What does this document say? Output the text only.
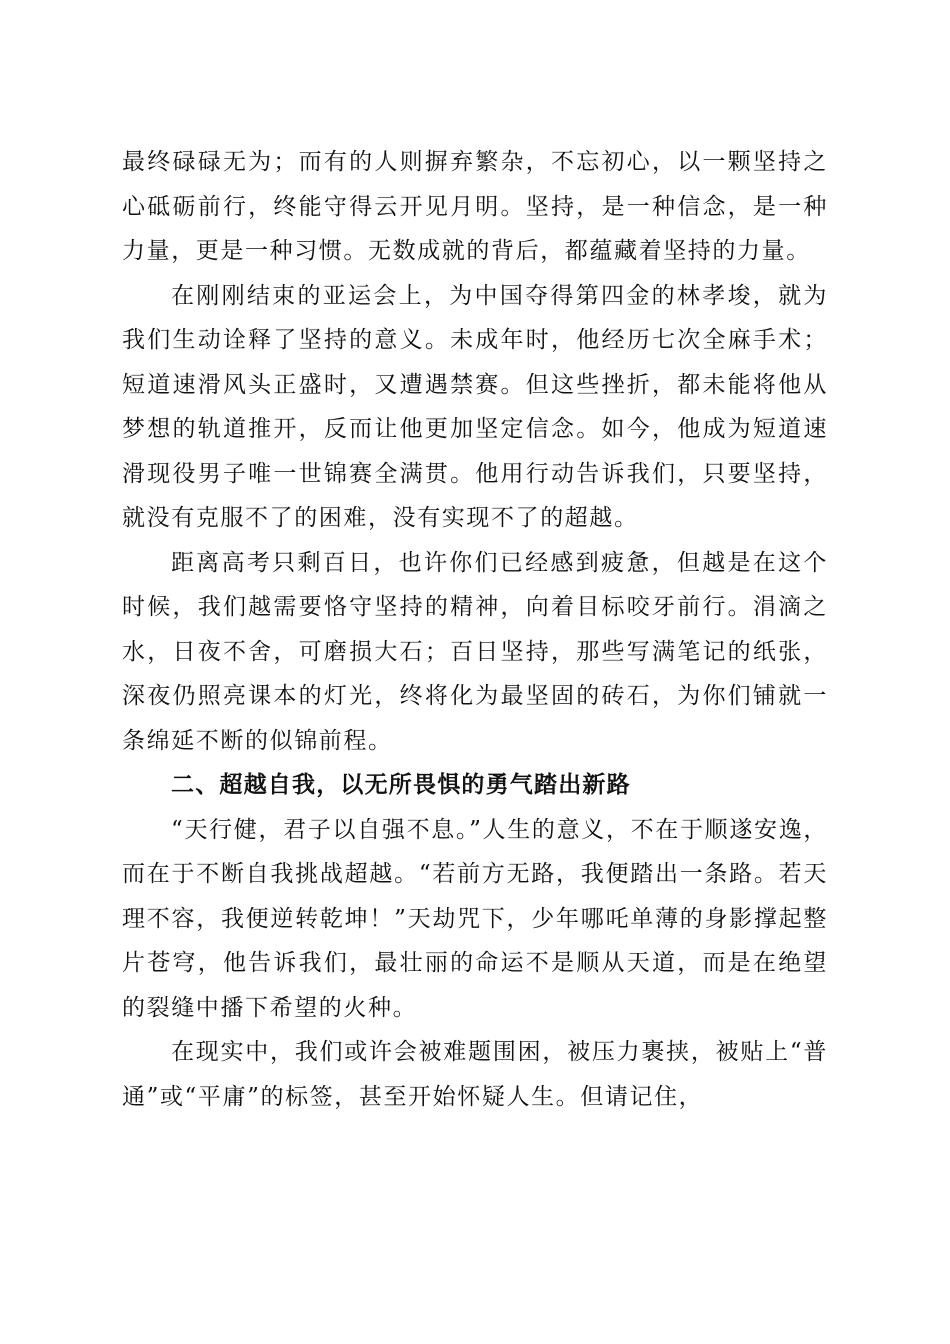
最终碌碌无为；而有的人则摒弃繁杂，不忘初心，以一颗坚持之心砥砺前行，终能守得云开见月明。坚持，是一种信念，是一种力量，更是一种习惯。无数成就的背后，都蕴藏着坚持的力量。

在刚刚结束的亚运会上，为中国夺得第四金的林孝埈，就为我们生动诠释了坚持的意义。未成年时，他经历七次全麻手术；短道速滑风头正盛时，又遭遇禁赛。但这些挫折，都未能将他从梦想的轨道推开，反而让他更加坚定信念。如今，他成为短道速滑现役男子唯一世锦赛全满贯。他用行动告诉我们，只要坚持，就没有克服不了的困难，没有实现不了的超越。

距离高考只剩百日，也许你们已经感到疲惫，但越是在这个时候，我们越需要恪守坚持的精神，向着目标咬牙前行。涓滴之水，日夜不舍，可磨损大石；百日坚持，那些写满笔记的纸张，深夜仍照亮课本的灯光，终将化为最坚固的砖石，为你们铺就一条绵延不断的似锦前程。

二、超越自我，以无所畏惧的勇气踏出新路

“天行健，君子以自强不息。”人生的意义，不在于顺遂安逸，而在于不断自我挑战超越。“若前方无路，我便踏出一条路。若天理不容，我便逆转乾坤！”天劫咒下，少年哪吒单薄的身影撑起整片苍穹，他告诉我们，最壮丽的命运不是顺从天道，而是在绝望的裂缝中播下希望的火种。

在现实中，我们或许会被难题围困，被压力裹挟，被贴上“普通”或“平庸”的标签，甚至开始怀疑人生。但请记住，
